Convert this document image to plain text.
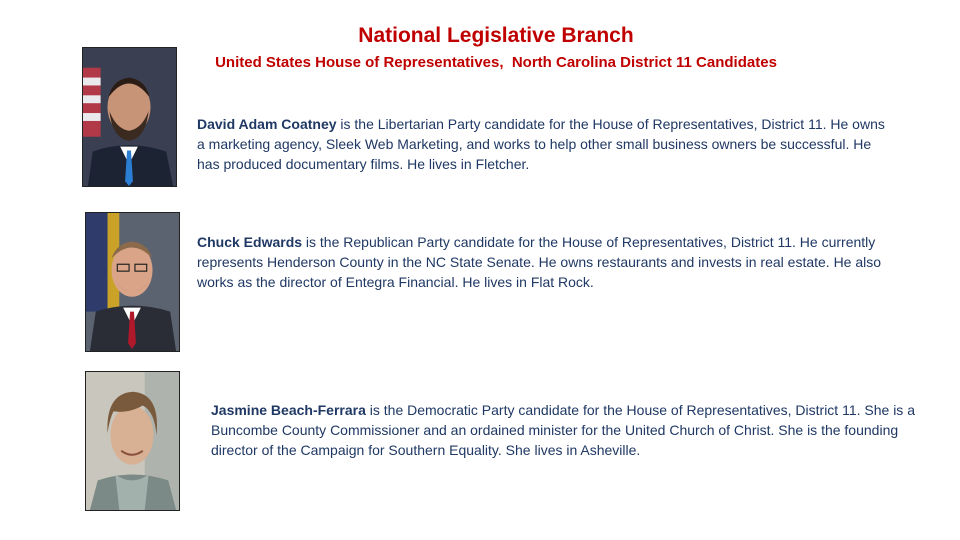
National Legislative Branch
United States House of Representatives,  North Carolina District 11 Candidates
David Adam Coatney is the Libertarian Party candidate for the House of Representatives, District 11. He owns a marketing agency, Sleek Web Marketing, and works to help other small business owners be successful. He has produced documentary films. He lives in Fletcher.
Chuck Edwards is the Republican Party candidate for the House of Representatives, District 11. He currently represents Henderson County in the NC State Senate. He owns restaurants and invests in real estate. He also works as the director of Entegra Financial. He lives in Flat Rock.
Jasmine Beach-Ferrara is the Democratic Party candidate for the House of Representatives, District 11. She is a Buncombe County Commissioner and an ordained minister for the United Church of Christ. She is the founding director of the Campaign for Southern Equality. She lives in Asheville.
